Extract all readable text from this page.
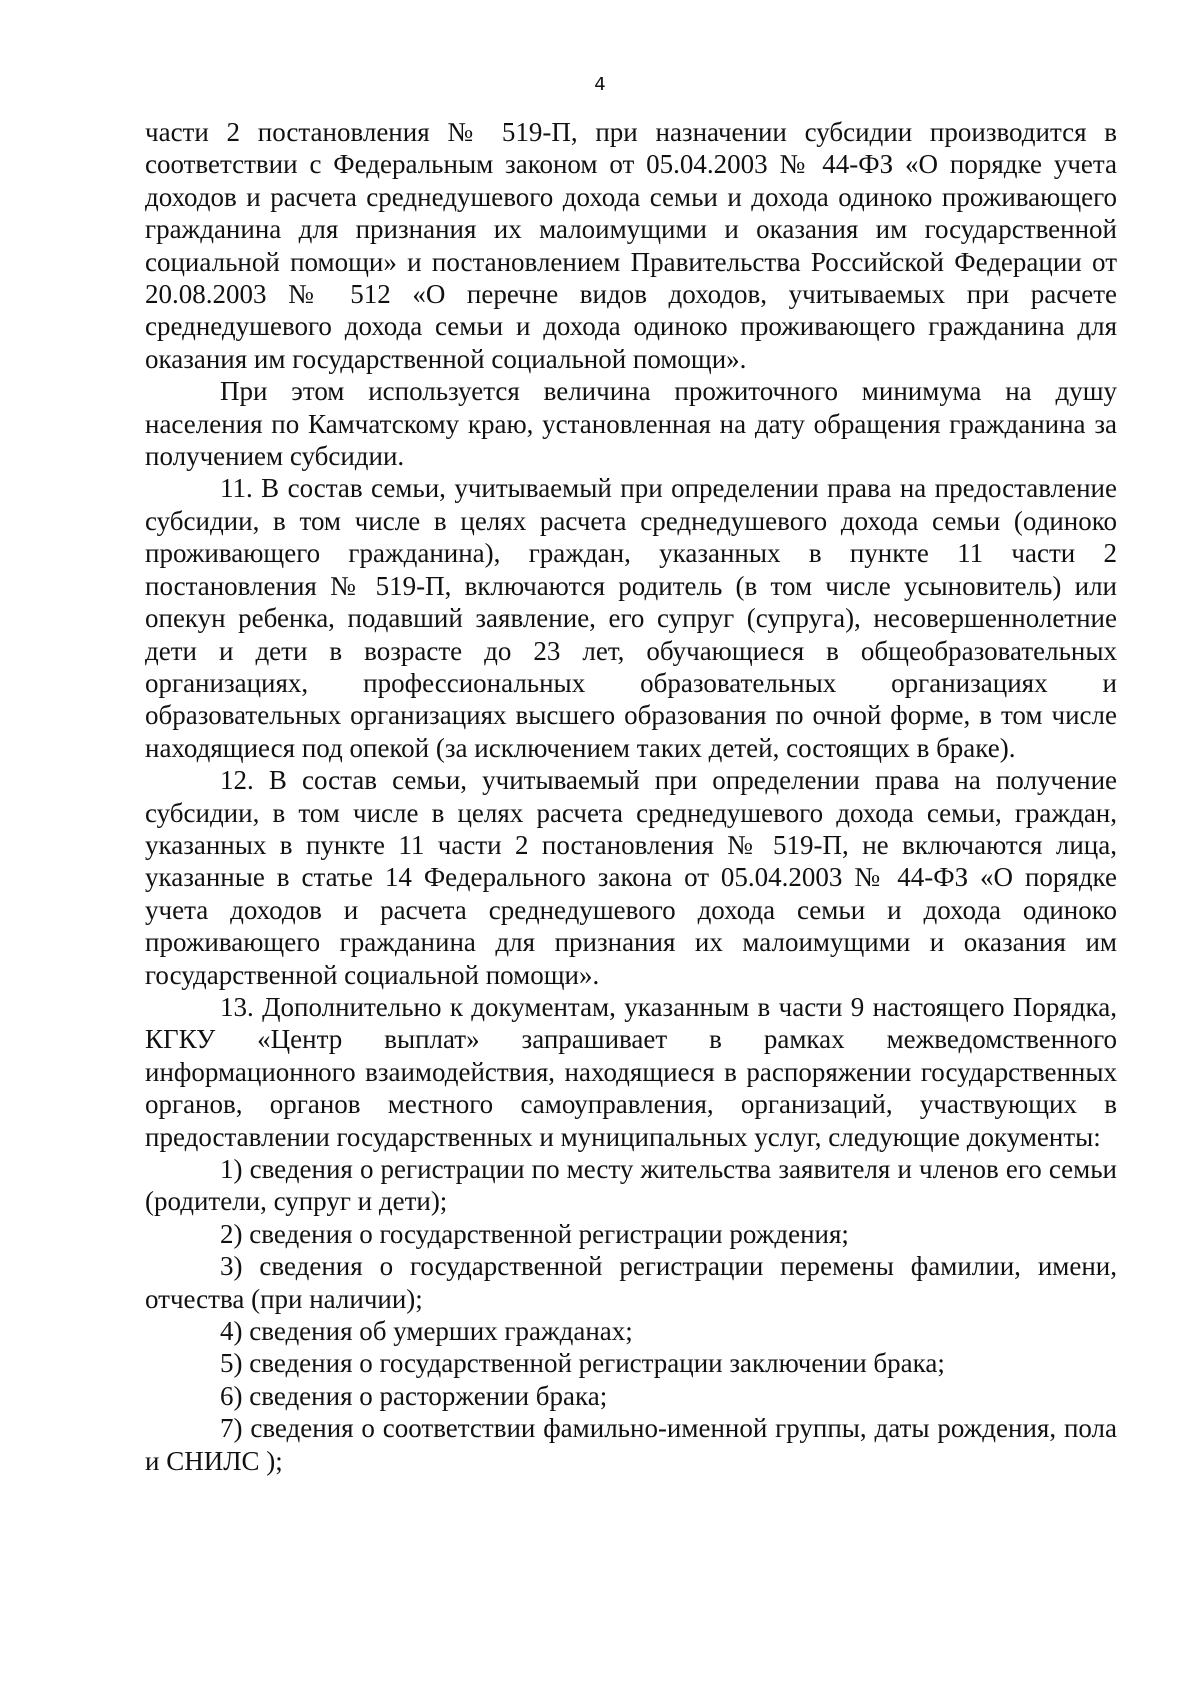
4

части 2 постановления № 519-П, при назначении субсидии производится в соответствии с Федеральным законом от 05.04.2003 № 44-ФЗ «О порядке учета доходов и расчета среднедушевого дохода семьи и дохода одиноко проживающего гражданина для признания их малоимущими и оказания им государственной социальной помощи» и постановлением Правительства Российской Федерации от 20.08.2003 № 512 «О перечне видов доходов, учитываемых при расчете среднедушевого дохода семьи и дохода одиноко проживающего гражданина для оказания им государственной социальной помощи».

При этом используется величина прожиточного минимума на душу населения по Камчатскому краю, установленная на дату обращения гражданина за получением субсидии.

11. В состав семьи, учитываемый при определении права на предоставление субсидии, в том числе в целях расчета среднедушевого дохода семьи (одиноко проживающего гражданина), граждан, указанных в пункте 11 части 2 постановления № 519-П, включаются родитель (в том числе усыновитель) или опекун ребенка, подавший заявление, его супруг (супруга), несовершеннолетние дети и дети в возрасте до 23 лет, обучающиеся в общеобразовательных организациях, профессиональных образовательных организациях и образовательных организациях высшего образования по очной форме, в том числе находящиеся под опекой (за исключением таких детей, состоящих в браке).

12. В состав семьи, учитываемый при определении права на получение субсидии, в том числе в целях расчета среднедушевого дохода семьи, граждан, указанных в пункте 11 части 2 постановления № 519-П, не включаются лица, указанные в статье 14 Федерального закона от 05.04.2003 № 44-ФЗ «О порядке учета доходов и расчета среднедушевого дохода семьи и дохода одиноко проживающего гражданина для признания их малоимущими и оказания им государственной социальной помощи».

13. Дополнительно к документам, указанным в части 9 настоящего Порядка, КГКУ «Центр выплат» запрашивает в рамках межведомственного информационного взаимодействия, находящиеся в распоряжении государственных органов, органов местного самоуправления, организаций, участвующих в предоставлении государственных и муниципальных услуг, следующие документы:

1) сведения о регистрации по месту жительства заявителя и членов его семьи (родители, супруг и дети);

2) сведения о государственной регистрации рождения;

3) сведения о государственной регистрации перемены фамилии, имени, отчества (при наличии);

4) сведения об умерших гражданах;

5) сведения о государственной регистрации заключении брака;

6) сведения о расторжении брака;

7) сведения о соответствии фамильно-именной группы, даты рождения, пола и СНИЛС );
